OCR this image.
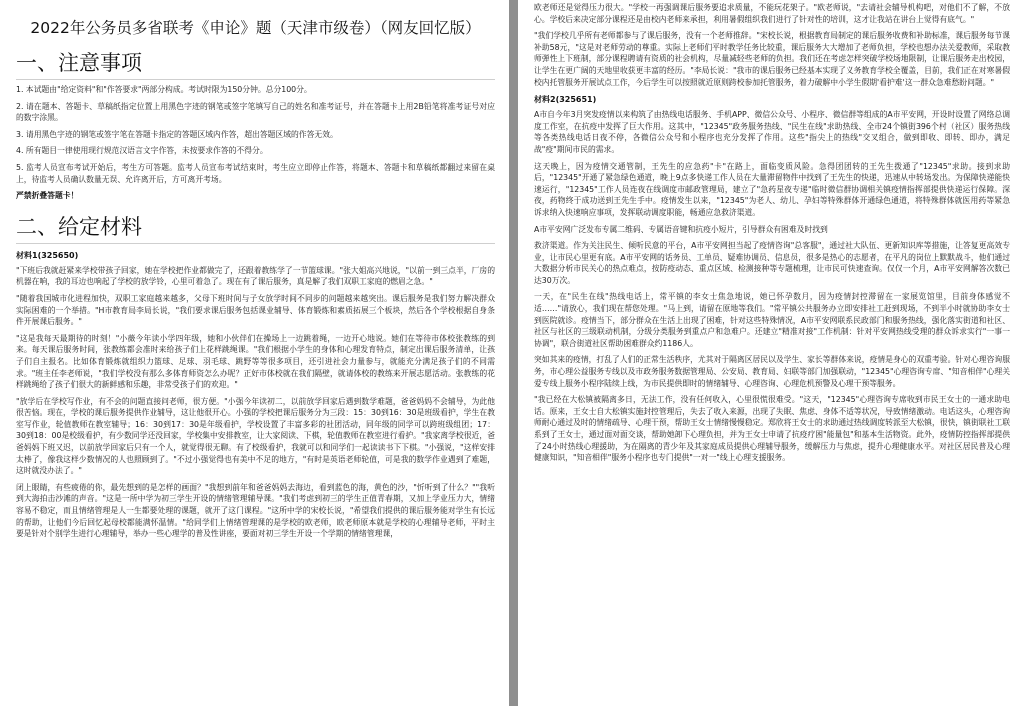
2022年公务员多省联考《申论》题（天津市级卷）（网友回忆版）
一、注意事项
1. 本试题由"给定资料"和"作答要求"两部分构成。考试时限为150分钟。总分100分。
2. 请在题本、答题卡、草稿纸指定位置上用黑色字迹的钢笔或签字笔填写自己的姓名和准考证号，并在答题卡上用2B铅笔将准考证号对应的数字涂黑。
3. 请用黑色字迹的钢笔或签字笔在答题卡指定的答题区域内作答，超出答题区域的作答无效。
4. 所有题目一律使用现行规范汉语言文字作答，未按要求作答的不得分。
5. 监考人员宣布考试开始后，考生方可答题。监考人员宣布考试结束时，考生应立即停止作答，将题本、答题卡和草稿纸都翻过来留在桌上，待监考人员确认数量无误、允许离开后，方可离开考场。
严禁折叠答题卡！
二、给定材料
材料1(325650)
"下班后我就赶紧来学校带孩子回家，她在学校把作业都做完了，还跟着教练学了一节篮球课。"张大姐高兴地说，"以前一到三点半，厂房的机器在响，我的耳边也响起了学校的放学铃，心里可着急了。现在有了课后服务，真是解了我们双职工家庭的燃眉之急。"
"随着我国城市化进程加快，双职工家庭越来越多，父母下班时间与子女放学时间不同步的问题越来越突出。课后服务是我们努力解决群众实际困难的一个举措。"H市教育局李局长说，"我们要求课后服务包括课业辅导、体育锻炼和素质拓展三个板块，然后各个学校根据自身条件开展课后服务。"
"这是我每天最期待的时刻！"小薇今年读小学四年级，她和小伙伴们在操场上一边跳着绳，一边开心地说。她们在等待市体校张教练的到来。每天课后服务时间，张教练都会准时来给孩子们上花样跳绳课。"我们根据小学生的身体和心理发育特点，制定出课后服务清单，让孩子们自主报名。比如体育锻炼就组织力篮球、足球、羽毛球、跳野等等很多项目，还引进社会力量参与，就能充分满足孩子们的不同需求。"班主任李老师说，"我们学校没有那么多体育师资怎么办呢？正好市体校就在我们隔壁，就请体校的教练来开展志愿活动。张教练的花样跳绳给了孩子们很大的新鲜感和乐趣，非常受孩子们的欢迎。"
"放学后在学校写作业，有不会的问题直接问老师，很方便。"小强今年读初二，以前放学回家后遇到数学难题，爸爸妈妈不会辅导，为此他很苦恼。现在，学校的课后服务提供作业辅导，这让他很开心。小强的学校把课后服务分为三段：15：30到16：30是班级看护，学生在教室写作业，轮值教师在教室辅导；16：30到17：30是年级看护，学校设置了丰富多彩的社团活动，同年级的同学可以跨班级组团；17：30到18：00是校级看护，有少数同学还没回家，学校集中安排教室，让大家阅读、下棋，轮值教师在教室进行看护。"我家离学校很近，爸爸妈妈下班又迟，以前放学回家后只有一个人，就觉得很无聊。有了校级看护，我就可以和同学们一起读读书下下棋。"小强说，"这样安排太棒了，像我这样少数情况的人也照顾到了。"不过小强觉得也有美中不足的地方，"有时是英语老师轮值，可是我的数学作业遇到了难题，这时就没办法了。"
闭上眼睛，有些疲倦的你，最先想到的是怎样的画面？"我想到前年和爸爸妈妈去海边，看到蓝色的海，黄色的沙，"忻听到了什么？""我听到大海拍击沙滩的声音。"这是一所中学为初三学生开设的情绪管理辅导课。"我们考虑到初三的学生正值青春期，又加上学业压力大，情绪容易不稳定，而且情绪管理是人一生都要处理的课题，就开了这门课程。"这所中学的宋校长说，"希望我们提供的课后服务能对学生有长远的帮助，让他们今后回忆起母校都能满怀温情。"给同学们上情绪管理课的是学校的欧老师，欧老师原本就是学校的心理辅导老师，平时主要是针对个别学生进行心理辅导，举办一些心理学的普及性讲座，要面对初三学生开设一个学期的情绪管理课，
欧老师还是觉得压力很大。"学校一再强调课后服务要追求质量，不能玩花架子。"欧老师说，"去请社会辅导机构吧，对他们不了解，不放心。学校后来决定部分课程还是由校内老师来承担，利用暑假组织我们进行了针对性的培训，这才让我站在讲台上觉得有底气。"
"我们学校几乎所有老师都参与了课后服务，没有一个老师推辞。"宋校长说，根据教育局制定的课后服务收费和补助标准，课后服务每节课补助58元，"这是对老师劳动的尊重。实际上老师们平时教学任务比较重，课后服务大大增加了老师负担，学校也想办法关爱教师，采取教师弹性上下班制，部分课程聘请有资质的社会机构，尽量减轻些老师的负担。我们还在考虑怎样突破学校场地限制，让课后服务走出校园，让学生在更广阔的天地里收获更丰富的经历。"李局长说："我市的课后服务已经基本实现了义务教育学校全覆盖，目前，我们正在对寒暑假校内托管服务开展试点工作，今后学生可以按照就近原则跨校参加托管服务，着力破解中小学生假期'看护难'这一群众急难愁盼问题。"
材料2(325651)
A市自今年3月突发疫情以来构筑了由热线电话服务、手机APP、微信公众号、小程序、微信群等组成的A市平安网，开设时设置了网络总调度工作室，在抗疫中发挥了巨大作用。这其中，"12345"政务服务热线、"民生在线"求助热线、全市24个镇街396个村（社区）服务热线等各类热线电话日夜不停，各微信公众号和小程序也充分发挥了作用。这些"指尖上的热线"交叉组合，做到即收、即转、即办，满足战"疫"期间市民的需求。
这天晚上，因为疫情交通管制，王先生的应急药"卡"在路上，面临变质风险。急得团团转的王先生拨通了"12345"求助。接到求助后，"12345"开通了紧急绿色通道，晚上9点多快递工作人员在大量滞留物件中找到了王先生的快递，迅速从中转场发出。为保障快递能快速运行，"12345"工作人员连夜在线调度市邮政管理局，建立了"急药星夜专递"临时微信群协调相关镇疫情指挥部提供快递运行保障。深夜，药物终于成功送到王先生手中。疫情发生以来，"12345"为老人、幼儿、孕妇等特殊群体开通绿色通道，将特殊群体就医用药等紧急诉求纳入快速响应事项，发挥联动调度职能，畅通应急救济渠道。
A市平安网广泛发布专属二维码、专属语音键和抗疫小短片，引导群众有困难及时找到
救济渠道。作为关注民生、倾听民意的平台，A市平安网担当起了疫情咨询"总客服"，通过社大队伍、更新知识库等措施，让答复更高效专业，让市民心里更有底。A市平安网的话务员、工单员、疑难协调员、信息员，很多是热心的志愿者，在平凡的岗位上默默战斗，他们通过大数据分析市民关心的热点难点，按防疫动态、重点区域、检测接种等专题梳理，让市民可快速查询。仅仅一个月，A市平安网解答次数已达30万次。
一天，在"民生在线"热线电话上，常平镇的李女士焦急地说，她已怀孕数月，因为疫情封控滞留在一家展览馆里，目前身体感觉不适……"请放心，我们现在帮您处理。"马上到，请留在原地等我们。"常平镇公共服务办立即安排社工赶到现场，不到半小时就协助李女士到医院就诊。疫情当下，部分群众在生活上出现了困难，针对这些特殊情况，A市平安网联系民政部门和服务热线，强化落实街道和社区、社区与社区的三级联动机制，分级分类服务到重点户和急难户。还建立"精准对接"工作机制：针对平安网热线受理的群众诉求实行"一事一协调"，联合街道社区帮助困难群众约1186人。
突如其来的疫情，打乱了人们的正常生活秩序，尤其对于隔离区居民以及学生、家长等群体来说，疫情是身心的双重考验。针对心理咨询服务，市心理公益服务专线以及市政务服务数据管理局、公安局、教育局、妇联等部门加强联动，"12345"心理咨询专席、"知音相伴"心理关爱专线上服务小程序陆续上线，为市民提供即时的情绪辅导、心理咨询、心理危机预警及心理干预等服务。
"我已经在大松镇被隔离多日，无法工作，没有任何收入，心里很慌很难受。"这天，"12345"心理咨询专席收到市民王女士的一通求助电话。原来，王女士自大松镇实施封控管理后，失去了收入来源，出现了失眠、焦虑、身体不适等状况，导致情绪激动。电话这头，心理咨询师耐心通过及时的情绪疏导、心理干预，帮助王女士情绪慢慢稳定。郑欣将王女士的求助通过热线调度转派至大松镇，很快，镇街联社工联系到了王女士，通过面对面交谈，帮助她卸下心理负担，并为王女士申请了抗疫疗困"能量包"和基本生活物资。此外，疫情防控指挥部提供了24小时热线心理援助，为在隔离的青少年及其家庭成员提供心理辅导服务，缓解压力与焦虑，提升心理健康水平。对社区居民普及心理健康知识，"知音相伴"服务小程序也专门提供"一对一"线上心理支援服务。
